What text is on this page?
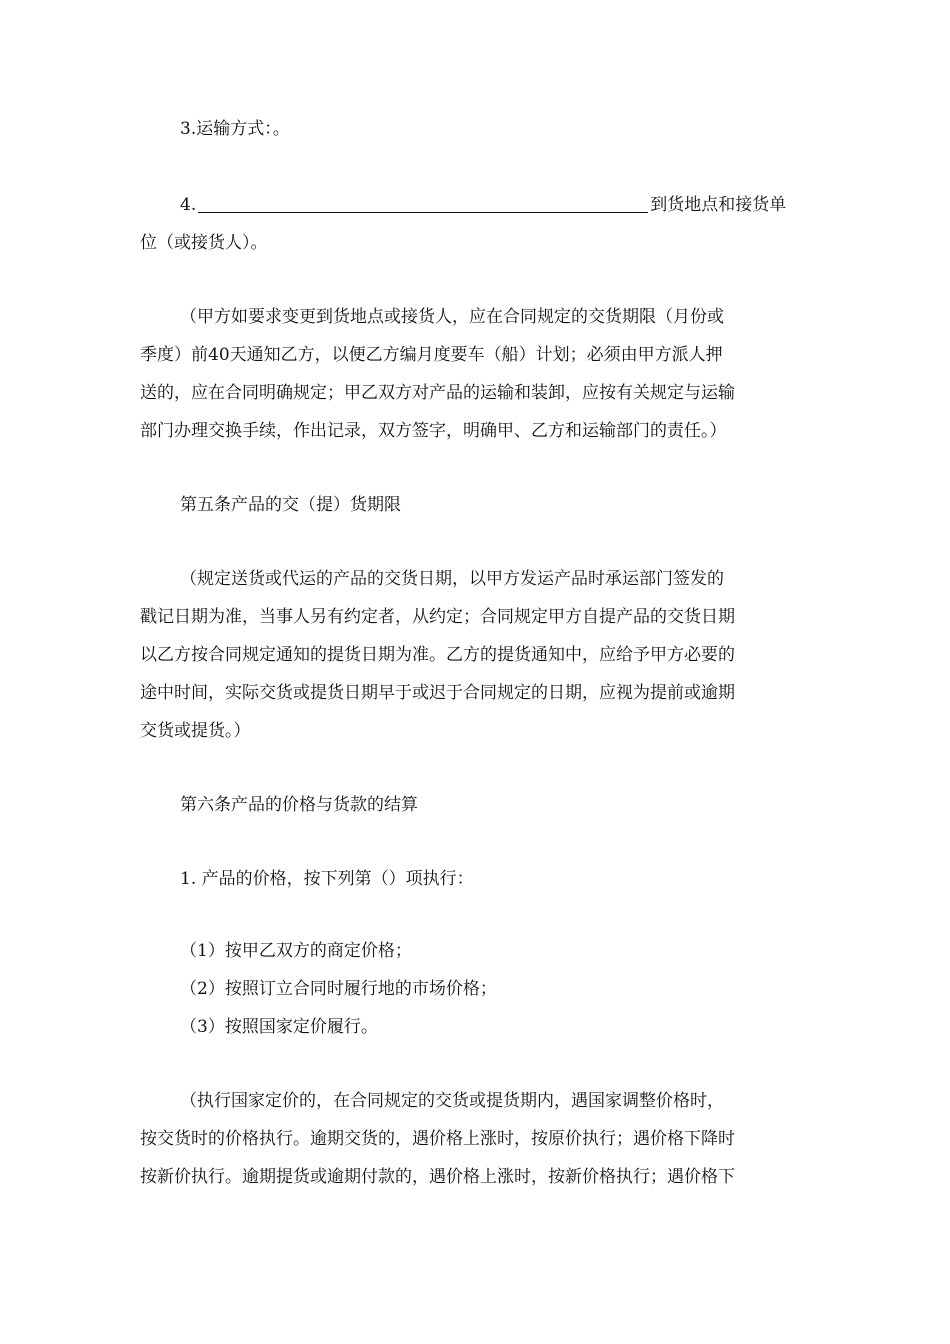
3.运输方式：。
4.	到货地点和接货单
位（或接货人）。
（甲方如要求变更到货地点或接货人，应在合同规定的交货期限（月份或
季度）前40天通知乙方，以便乙方编月度要车（船）计划；必须由甲方派人押
送的，应在合同明确规定；甲乙双方对产品的运输和装卸，应按有关规定与运输
部门办理交换手续，作出记录，双方签字，明确甲、乙方和运输部门的责任。）
第五条产品的交（提）货期限
（规定送货或代运的产品的交货日期，以甲方发运产品时承运部门签发的
戳记日期为准，当事人另有约定者，从约定；合同规定甲方自提产品的交货日期
以乙方按合同规定通知的提货日期为准。乙方的提货通知中，应给予甲方必要的
途中时间，实际交货或提货日期早于或迟于合同规定的日期，应视为提前或逾期
交货或提货。）
第六条产品的价格与货款的结算
1. 产品的价格，按下列第（）项执行：
（1）按甲乙双方的商定价格；
（2）按照订立合同时履行地的市场价格；
（3）按照国家定价履行。
（执行国家定价的，在合同规定的交货或提货期内，遇国家调整价格时，
按交货时的价格执行。逾期交货的，遇价格上涨时，按原价执行；遇价格下降时
按新价执行。逾期提货或逾期付款的，遇价格上涨时，按新价格执行；遇价格下
